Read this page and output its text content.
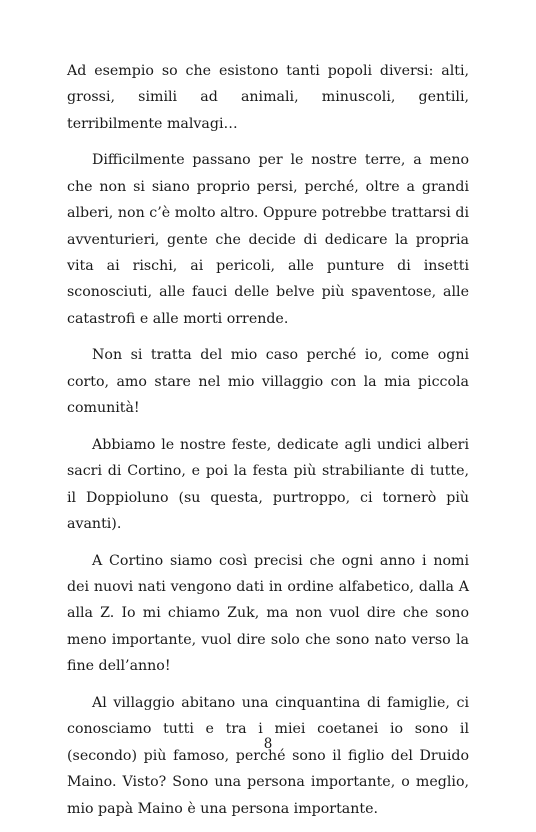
Ad esempio so che esistono tanti popoli diversi: alti, grossi, simili ad animali, minuscoli, gentili, terribilmente malvagi…

Difficilmente passano per le nostre terre, a meno che non si siano proprio persi, perché, oltre a grandi alberi, non c’è molto altro. Oppure potrebbe trattarsi di avventurieri, gente che decide di dedicare la propria vita ai rischi, ai pericoli, alle punture di insetti sconosciuti, alle fauci delle belve più spaventose, alle catastrofi e alle morti orrende.

Non si tratta del mio caso perché io, come ogni corto, amo stare nel mio villaggio con la mia piccola comunità!

Abbiamo le nostre feste, dedicate agli undici alberi sacri di Cortino, e poi la festa più strabiliante di tutte, il Doppioluno (su questa, purtroppo, ci tornerò più avanti).

A Cortino siamo così precisi che ogni anno i nomi dei nuovi nati vengono dati in ordine alfabetico, dalla A alla Z. Io mi chiamo Zuk, ma non vuol dire che sono meno importante, vuol dire solo che sono nato verso la fine dell’anno!

Al villaggio abitano una cinquantina di famiglie, ci conosciamo tutti e tra i miei coetanei io sono il (secondo) più famoso, perché sono il figlio del Druido Maino. Visto? Sono una persona importante, o meglio, mio papà Maino è una persona importante.

8
